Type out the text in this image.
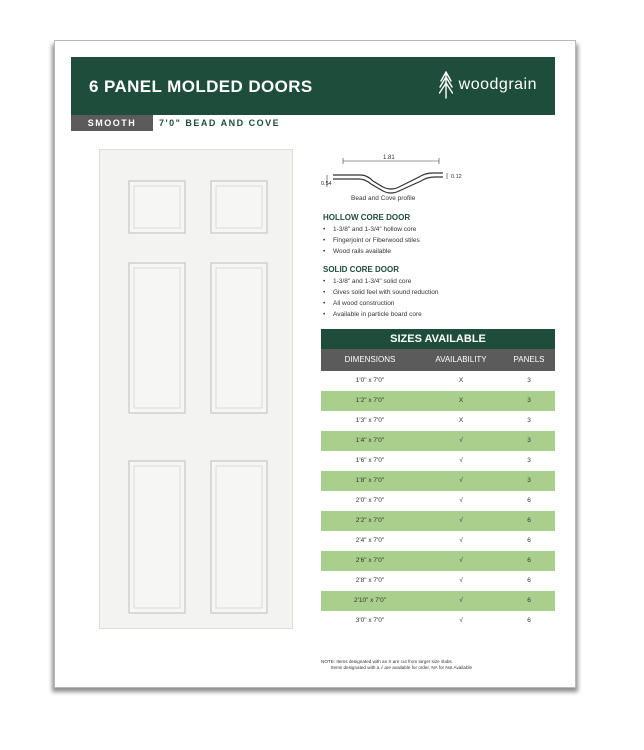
6 PANEL MOLDED DOORS	woodgrain
SMOOTH	7'0" BEAD AND COVE
1.81
0.54
0.12
Bead and Cove profile
HOLLOW CORE DOOR
• 1-3/8" and 1-3/4" hollow core
• Fingerjoint or Fiberwood stiles
• Wood rails available
SOLID CORE DOOR
• 1-3/8" and 1-3/4" solid core
• Gives solid feel with sound reduction
• All wood construction
• Available in particle board core
SIZES AVAILABLE
DIMENSIONS	AVAILABILITY	PANELS
1'0" x 7'0"	X	3
1'2" x 7'0"	X	3
1'3" x 7'0"	X	3
1'4" x 7'0"	√	3
1'6" x 7'0"	√	3
1'8" x 7'0"	√	3
2'0" x 7'0"	√	6
2'2" x 7'0"	√	6
2'4" x 7'0"	√	6
2'6" x 7'0"	√	6
2'8" x 7'0"	√	6
2'10" x 7'0"	√	6
3'0" x 7'0"	√	6
NOTE: Items designated with an X are cut from larger size slabs.
Items designated with a √ are available for order. NA for Not Available
